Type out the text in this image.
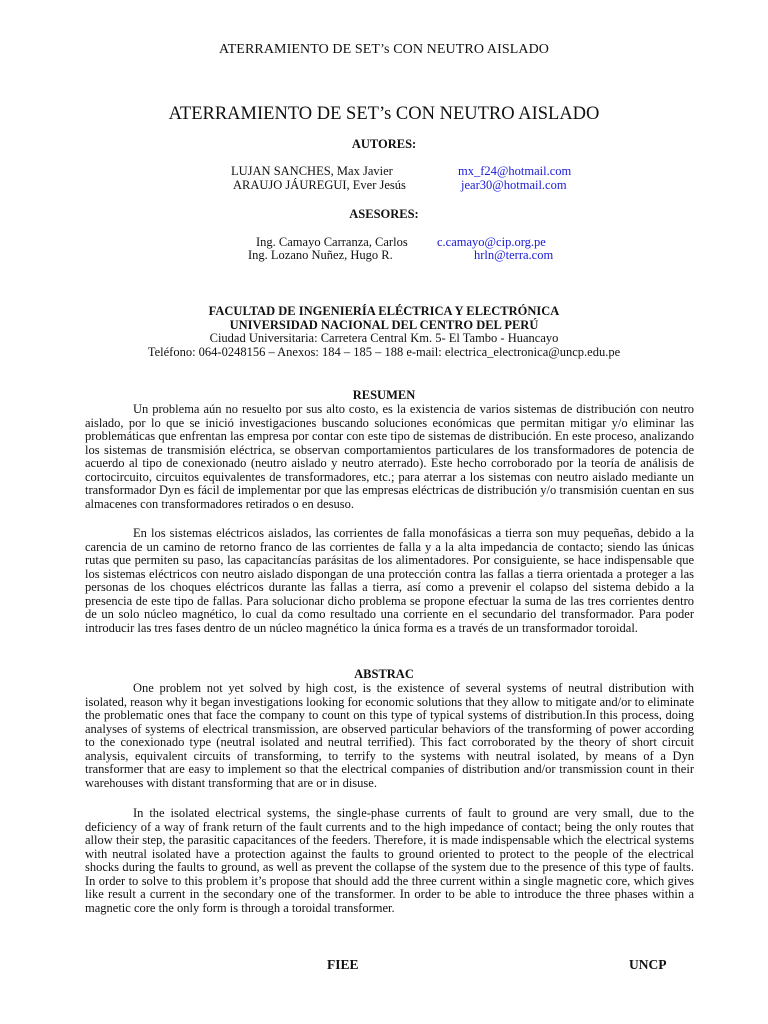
ATERRAMIENTO DE SET’s CON NEUTRO AISLADO
ATERRAMIENTO DE SET’s CON NEUTRO AISLADO
AUTORES:
LUJAN SANCHES, Max Javier	mx_f24@hotmail.com
ARAUJO JÁUREGUI, Ever Jesús	jear30@hotmail.com
ASESORES:
Ing. Camayo Carranza, Carlos c.camayo@cip.org.pe
Ing. Lozano Nuñez, Hugo R.	hrln@terra.com
FACULTAD DE INGENIERÍA ELÉCTRICA Y ELECTRÓNICA
UNIVERSIDAD NACIONAL DEL CENTRO DEL PERÚ
Ciudad Universitaria: Carretera Central Km. 5- El Tambo - Huancayo
Teléfono: 064-0248156 – Anexos: 184 – 185 – 188 e-mail: electrica_electronica@uncp.edu.pe
RESUMEN

Un problema aún no resuelto por sus alto costo, es la existencia de varios sistemas de distribución con neutro aislado, por lo que se inició investigaciones buscando soluciones económicas que permitan mitigar y/o eliminar las problemáticas que enfrentan las empresa por contar con este tipo de sistemas de distribución. En este proceso, analizando los sistemas de transmisión eléctrica, se observan comportamientos particulares de los transformadores de potencia de acuerdo al tipo de conexionado (neutro aislado y neutro aterrado). Este hecho corroborado por la teoría de análisis de cortocircuito, circuitos equivalentes de transformadores, etc.; para aterrar a los sistemas con neutro aislado mediante un transformador Dyn es fácil de implementar por que las empresas eléctricas de distribución y/o transmisión cuentan en sus almacenes con transformadores retirados o en desuso.

En los sistemas eléctricos aislados, las corrientes de falla monofásicas a tierra son muy pequeñas, debido a la carencia de un camino de retorno franco de las corrientes de falla y a la alta impedancia de contacto; siendo las únicas rutas que permiten su paso, las capacitancías parásitas de los alimentadores. Por consiguiente, se hace indispensable que los sistemas eléctricos con neutro aislado dispongan de una protección contra las fallas a tierra orientada a proteger a las personas de los choques eléctricos durante las fallas a tierra, así como a prevenir el colapso del sistema debido a la presencia de este tipo de fallas. Para solucionar dicho problema se propone efectuar la suma de las tres corrientes dentro de un solo núcleo magnético, lo cual da como resultado una corriente en el secundario del transformador. Para poder introducir las tres fases dentro de un núcleo magnético la única forma es a través de un transformador toroidal.

ABSTRAC

One problem not yet solved by high cost, is the existence of several systems of neutral distribution with isolated, reason why it began investigations looking for economic solutions that they allow to mitigate and/or to eliminate the problematic ones that face the company to count on this type of typical systems of distribution.In this process, doing analyses of systems of electrical transmission, are observed particular behaviors of the transforming of power according to the conexionado type (neutral isolated and neutral terrified). This fact corroborated by the theory of short circuit analysis, equivalent circuits of transforming, to terrify to the systems with neutral isolated, by means of a Dyn transformer that are easy to implement so that the electrical companies of distribution and/or transmission count in their warehouses with distant transforming that are or in disuse.

In the isolated electrical systems, the single-phase currents of fault to ground are very small, due to the deficiency of a way of frank return of the fault currents and to the high impedance of contact; being the only routes that allow their step, the parasitic capacitances of the feeders. Therefore, it is made indispensable which the electrical systems with neutral isolated have a protection against the faults to ground oriented to protect to the people of the electrical shocks during the faults to ground, as well as prevent the collapse of the system due to the presence of this type of faults. In order to solve to this problem it’s propose that should add the three current within a single magnetic core, which gives like result a current in the secondary one of the transformer. In order to be able to introduce the three phases within a magnetic core the only form is through a toroidal transformer.

FIEE	UNCP
